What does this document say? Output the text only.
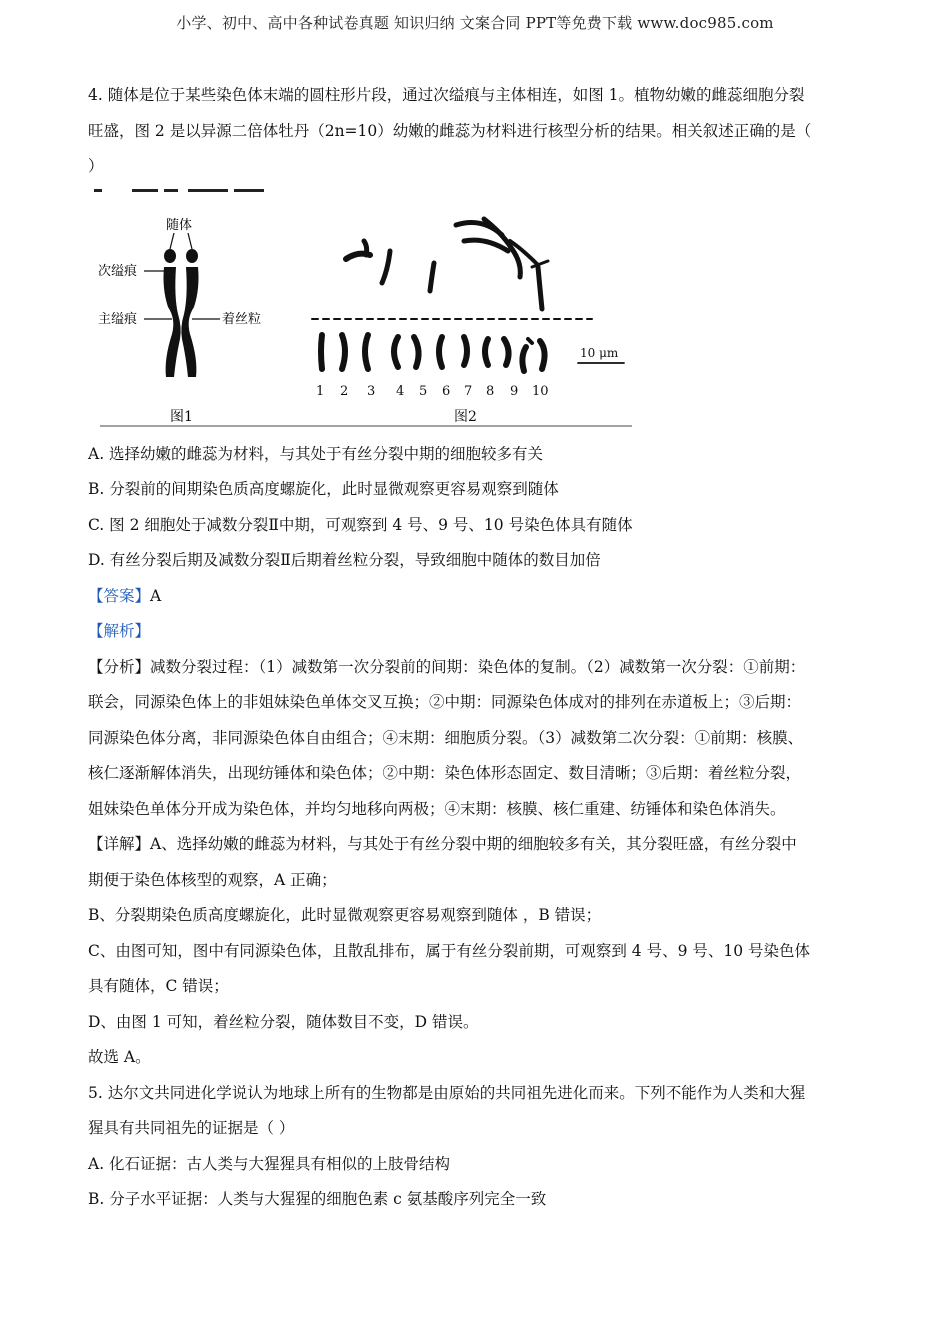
小学、初中、高中各种试卷真题 知识归纳 文案合同 PPT等免费下载 www.doc985.com

4. 随体是位于某些染色体末端的圆柱形片段，通过次缢痕与主体相连，如图 1。植物幼嫩的雌蕊细胞分裂

旺盛，图 2 是以异源二倍体牡丹（2n=10）幼嫩的雌蕊为材料进行核型分析的结果。相关叙述正确的是（

）

随体
次缢痕
主缢痕	着丝粒
图1
10 μm
1 2 3 4 5 6 7 8 9 10
图2

A. 选择幼嫩的雌蕊为材料，与其处于有丝分裂中期的细胞较多有关

B. 分裂前的间期染色质高度螺旋化，此时显微观察更容易观察到随体

C. 图 2 细胞处于减数分裂Ⅱ中期，可观察到 4 号、9 号、10 号染色体具有随体

D. 有丝分裂后期及减数分裂Ⅱ后期着丝粒分裂，导致细胞中随体的数目加倍

【答案】A

【解析】

【分析】减数分裂过程：（1）减数第一次分裂前的间期：染色体的复制。（2）减数第一次分裂：①前期：

联会，同源染色体上的非姐妹染色单体交叉互换；②中期：同源染色体成对的排列在赤道板上；③后期：

同源染色体分离，非同源染色体自由组合；④末期：细胞质分裂。（3）减数第二次分裂：①前期：核膜、

核仁逐渐解体消失，出现纺锤体和染色体；②中期：染色体形态固定、数目清晰；③后期：着丝粒分裂，

姐妹染色单体分开成为染色体，并均匀地移向两极；④末期：核膜、核仁重建、纺锤体和染色体消失。

【详解】A、选择幼嫩的雌蕊为材料，与其处于有丝分裂中期的细胞较多有关，其分裂旺盛，有丝分裂中

期便于染色体核型的观察，A 正确；

B、分裂期染色质高度螺旋化，此时显微观察更容易观察到随体 ，B 错误；

C、由图可知，图中有同源染色体，且散乱排布，属于有丝分裂前期，可观察到 4 号、9 号、10 号染色体

具有随体，C 错误；

D、由图 1 可知，着丝粒分裂，随体数目不变，D 错误。

故选 A。

5. 达尔文共同进化学说认为地球上所有的生物都是由原始的共同祖先进化而来。下列不能作为人类和大猩

猩具有共同祖先的证据是（ ）

A. 化石证据：古人类与大猩猩具有相似的上肢骨结构

B. 分子水平证据：人类与大猩猩的细胞色素 c 氨基酸序列完全一致
